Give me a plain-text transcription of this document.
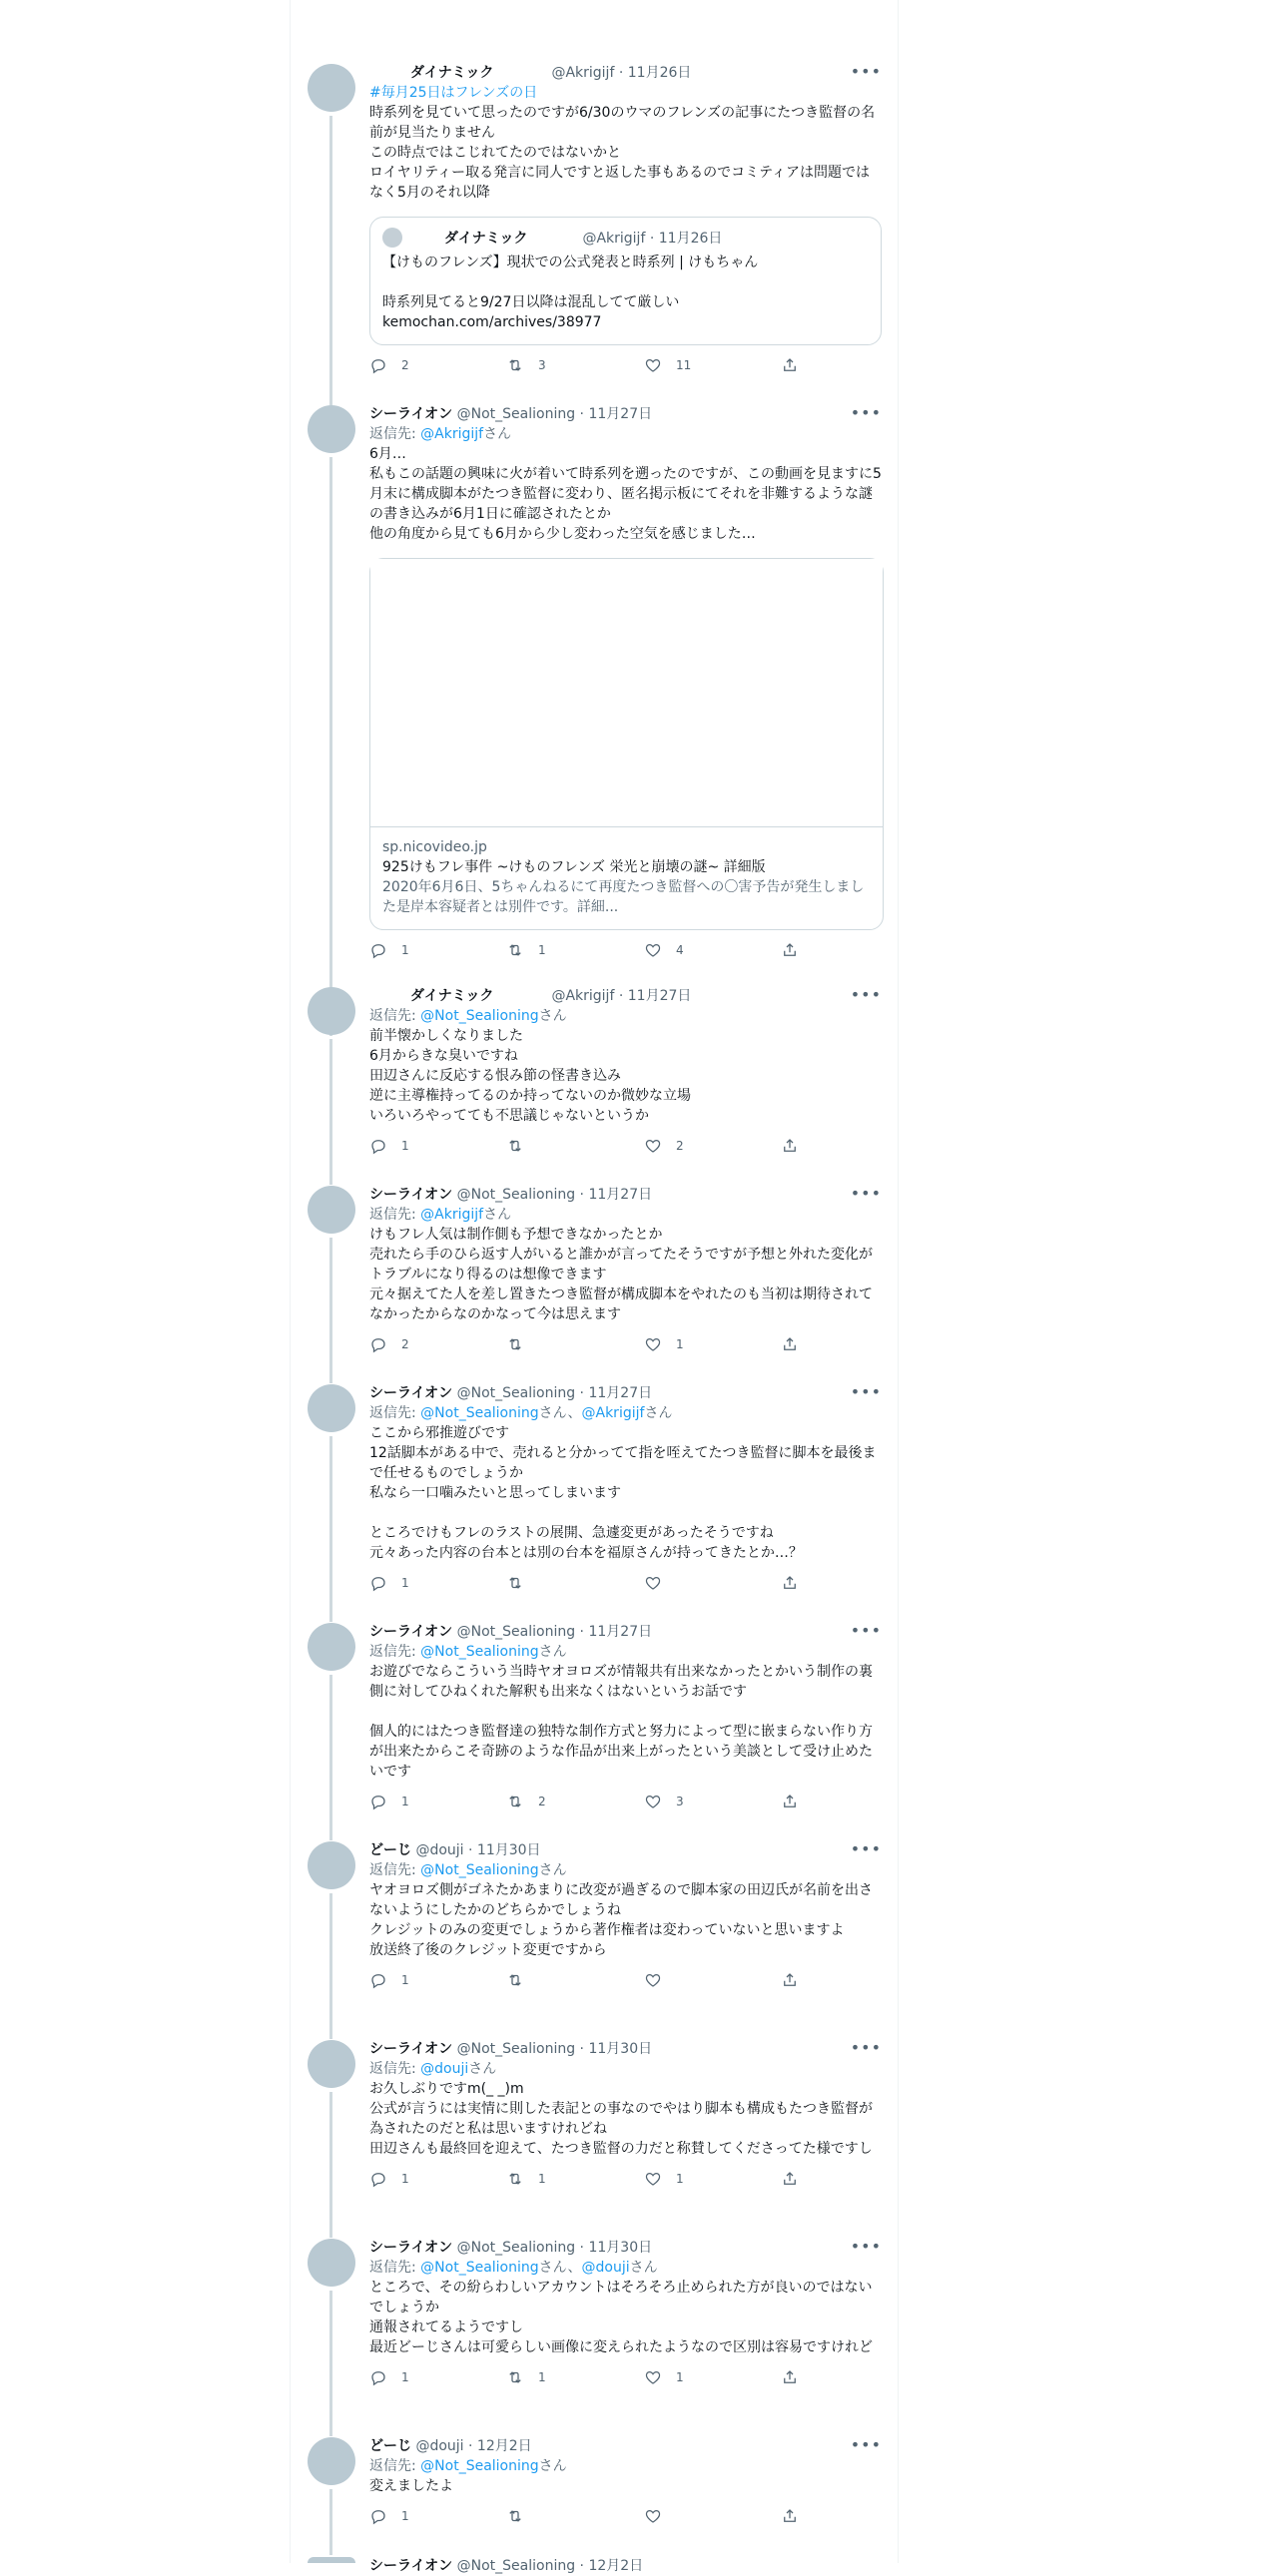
ダイナミック	@Akrigijf · 11月26日	•••
#毎月25日はフレンズの日
時系列を見ていて思ったのですが6/30のウマのフレンズの記事にたつき監督の名前が見当たりません
この時点ではこじれてたのではないかと
ロイヤリティー取る発言に同人ですと返した事もあるのでコミティアは問題ではなく5月のそれ以降
ダイナミック	@Akrigijf · 11月26日
【けものフレンズ】現状での公式発表と時系列 | けもちゃん

時系列見てると9/27日以降は混乱してて厳しい
kemochan.com/archives/38977
2	3	11
シーライオン @Not_Sealioning · 11月27日	•••
返信先: @Akrigijfさん
6月…
私もこの話題の興味に火が着いて時系列を遡ったのですが、この動画を見ますに5月末に構成脚本がたつき監督に変わり、匿名掲示板にてそれを非難するような謎の書き込みが6月1日に確認されたとか
他の角度から見ても6月から少し変わった空気を感じました…
sp.nicovideo.jp
925けもフレ事件 ~けものフレンズ 栄光と崩壊の謎~ 詳細版
2020年6月6日、5ちゃんねるにて再度たつき監督への〇害予告が発生しました是岸本容疑者とは別件です。詳細...
1	1	4
ダイナミック	@Akrigijf · 11月27日	•••
返信先: @Not_Sealioningさん
前半懐かしくなりました
6月からきな臭いですね
田辺さんに反応する恨み節の怪書き込み
逆に主導権持ってるのか持ってないのか微妙な立場
いろいろやってても不思議じゃないというか
1	2
シーライオン @Not_Sealioning · 11月27日	•••
返信先: @Akrigijfさん
けもフレ人気は制作側も予想できなかったとか
売れたら手のひら返す人がいると誰かが言ってたそうですが予想と外れた変化がトラブルになり得るのは想像できます
元々据えてた人を差し置きたつき監督が構成脚本をやれたのも当初は期待されてなかったからなのかなって今は思えます
2	1
シーライオン @Not_Sealioning · 11月27日	•••
返信先: @Not_Sealioningさん、@Akrigijfさん
ここから邪推遊びです
12話脚本がある中で、売れると分かってて指を咥えてたつき監督に脚本を最後まで任せるものでしょうか
私なら一口噛みたいと思ってしまいます

ところでけもフレのラストの展開、急遽変更があったそうですね
元々あった内容の台本とは別の台本を福原さんが持ってきたとか…？
1
シーライオン @Not_Sealioning · 11月27日	•••
返信先: @Not_Sealioningさん
お遊びでならこういう当時ヤオヨロズが情報共有出来なかったとかいう制作の裏側に対してひねくれた解釈も出来なくはないというお話です

個人的にはたつき監督達の独特な制作方式と努力によって型に嵌まらない作り方が出来たからこそ奇跡のような作品が出来上がったという美談として受け止めたいです
1	2	3
どーじ @douji · 11月30日	•••
返信先: @Not_Sealioningさん
ヤオヨロズ側がゴネたかあまりに改変が過ぎるので脚本家の田辺氏が名前を出さないようにしたかのどちらかでしょうね
クレジットのみの変更でしょうから著作権者は変わっていないと思いますよ
放送終了後のクレジット変更ですから
1
シーライオン @Not_Sealioning · 11月30日	•••
返信先: @doujiさん
お久しぶりですm(_ _)m
公式が言うには実情に則した表記との事なのでやはり脚本も構成もたつき監督が為されたのだと私は思いますけれどね
田辺さんも最終回を迎えて、たつき監督の力だと称賛してくださってた様ですし
1	1	1
シーライオン @Not_Sealioning · 11月30日	•••
返信先: @Not_Sealioningさん、@doujiさん
ところで、その紛らわしいアカウントはそろそろ止められた方が良いのではないでしょうか
通報されてるようですし
最近どーじさんは可愛らしい画像に変えられたようなので区別は容易ですけれど
1	1	1
どーじ @douji · 12月2日	•••
返信先: @Not_Sealioningさん
変えましたよ
1
シーライオン @Not_Sealioning · 12月2日
